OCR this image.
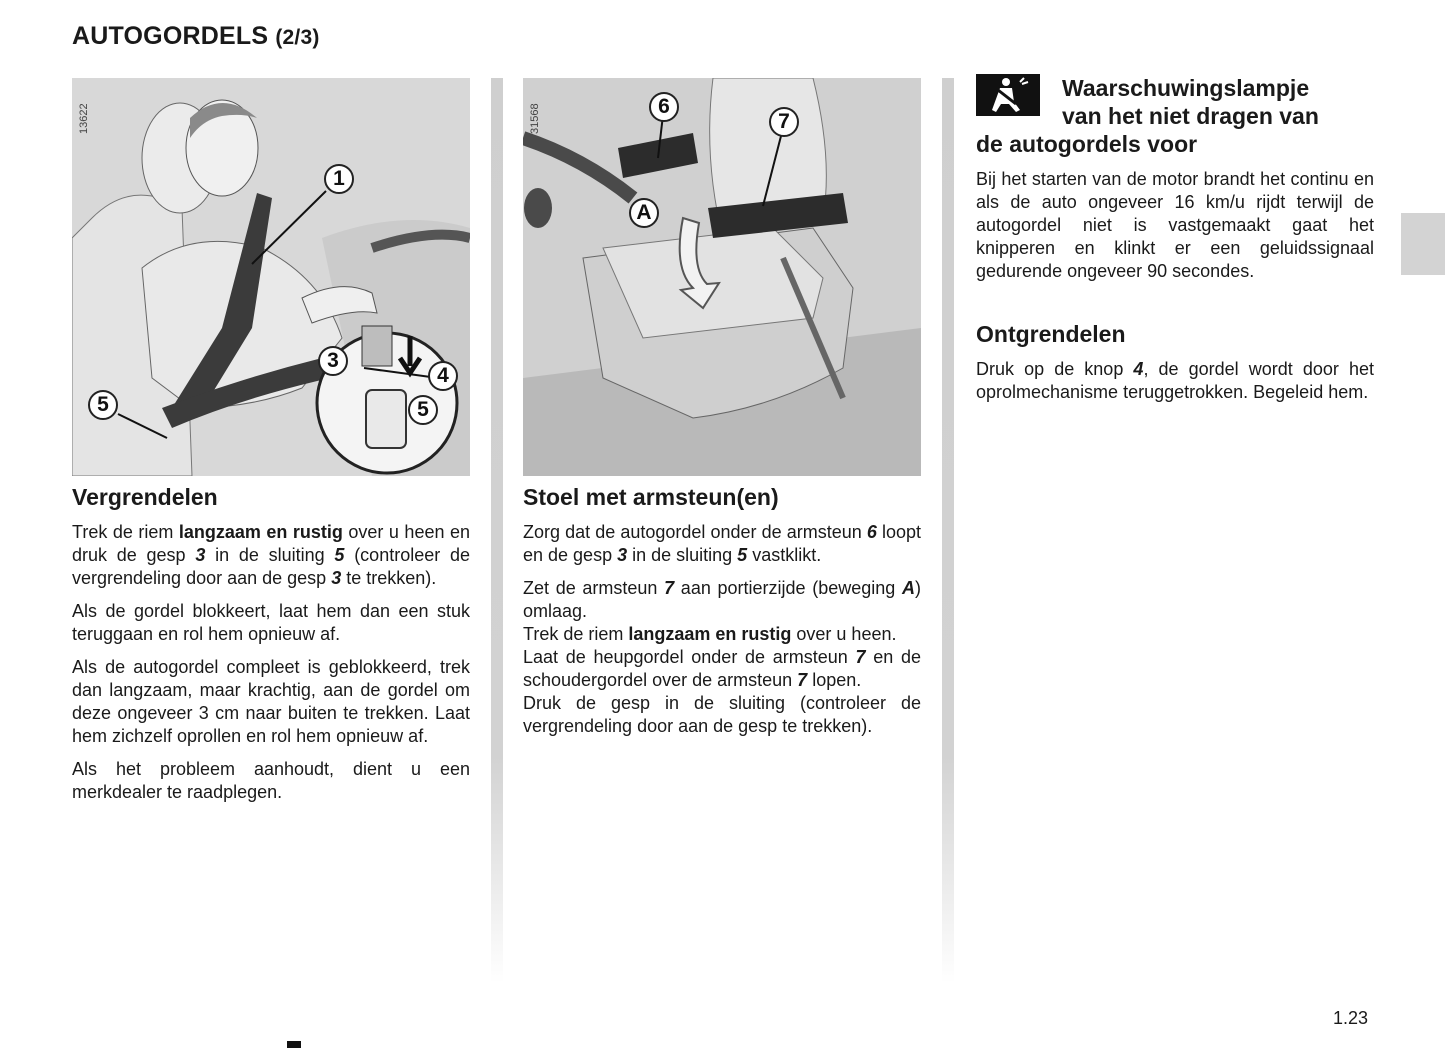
AUTOGORDELS (2/3)
13622
1
3
4
5	5
Vergrendelen

Trek de riem langzaam en rustig over u heen en druk de gesp 3 in de sluiting 5 (controleer de vergrendeling door aan de gesp 3 te trekken).

Als de gordel blokkeert, laat hem dan een stuk teruggaan en rol hem opnieuw af.

Als de autogordel compleet is geblokkeerd, trek dan langzaam, maar krachtig, aan de gordel om deze ongeveer 3 cm naar buiten te trekken. Laat hem zichzelf oprollen en rol hem opnieuw af.

Als het probleem aanhoudt, dient u een merkdealer te raadplegen.

31568	6
7
A
Stoel met armsteun(en)

Zorg dat de autogordel onder de armsteun 6 loopt en de gesp 3 in de sluiting 5 vastklikt.

Zet de armsteun 7 aan portierzijde (beweging A) omlaag.

Trek de riem langzaam en rustig over u heen.

Laat de heupgordel onder de armsteun 7 en de schoudergordel over de armsteun 7 lopen.

Druk de gesp in de sluiting (controleer de vergrendeling door aan de gesp te trekken).

Waarschuwingslampje
van het niet dragen van
de autogordels voor

Bij het starten van de motor brandt het continu en als de auto ongeveer 16 km/u rijdt terwijl de autogordel niet is vastgemaakt gaat het knipperen en klinkt er een geluidssignaal gedurende ongeveer 90 secondes.

Ontgrendelen

Druk op de knop 4, de gordel wordt door het oprolmechanisme teruggetrokken. Begeleid hem.

1.23
